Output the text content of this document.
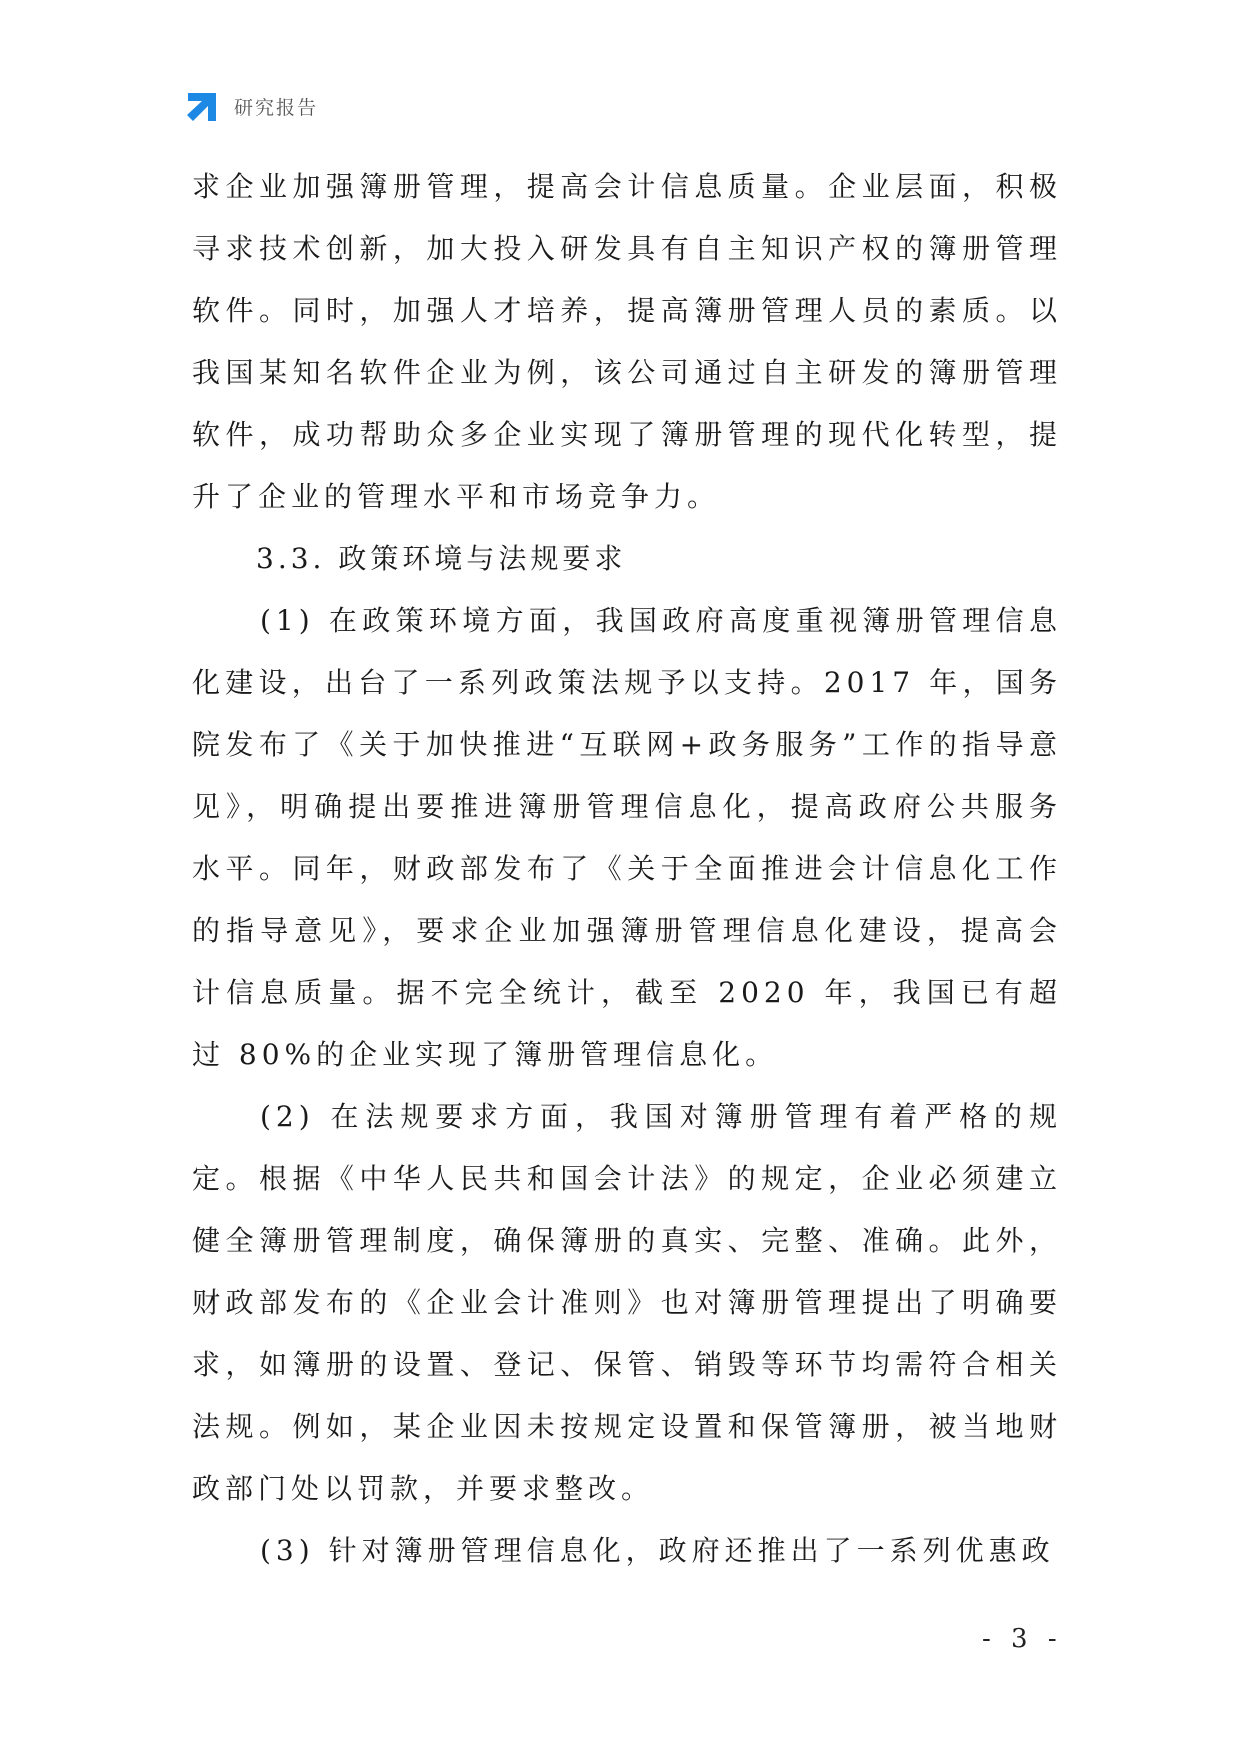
研究报告

求企业加强簿册管理，提高会计信息质量。企业层面，积极寻求技术创新，加大投入研发具有自主知识产权的簿册管理软件。同时，加强人才培养，提高簿册管理人员的素质。以我国某知名软件企业为例，该公司通过自主研发的簿册管理软件，成功帮助众多企业实现了簿册管理的现代化转型，提升了企业的管理水平和市场竞争力。

3.3. 政策环境与法规要求

(1) 在政策环境方面，我国政府高度重视簿册管理信息化建设，出台了一系列政策法规予以支持。2017 年，国务院发布了《关于加快推进“互联网+政务服务”工作的指导意见》，明确提出要推进簿册管理信息化，提高政府公共服务水平。同年，财政部发布了《关于全面推进会计信息化工作的指导意见》，要求企业加强簿册管理信息化建设，提高会计信息质量。据不完全统计，截至 2020 年，我国已有超过 80%的企业实现了簿册管理信息化。

(2) 在法规要求方面，我国对簿册管理有着严格的规定。根据《中华人民共和国会计法》的规定，企业必须建立健全簿册管理制度，确保簿册的真实、完整、准确。此外，财政部发布的《企业会计准则》也对簿册管理提出了明确要求，如簿册的设置、登记、保管、销毁等环节均需符合相关法规。例如，某企业因未按规定设置和保管簿册，被当地财政部门处以罚款，并要求整改。

(3) 针对簿册管理信息化，政府还推出了一系列优惠政

- 3 -
